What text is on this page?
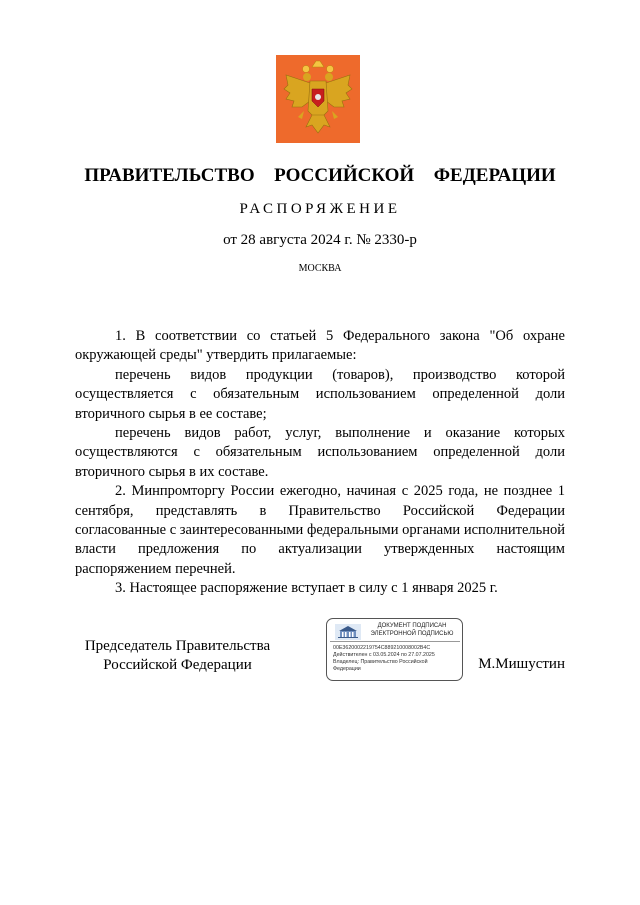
ПРАВИТЕЛЬСТВО  РОССИЙСКОЙ  ФЕДЕРАЦИИ
РАСПОРЯЖЕНИЕ
от 28 августа 2024 г. № 2330-р
МОСКВА

1. В соответствии со статьей 5 Федерального закона "Об охране окружающей среды" утвердить прилагаемые:

перечень видов продукции (товаров), производство которой осуществляется с обязательным использованием определенной доли вторичного сырья в ее составе;

перечень видов работ, услуг, выполнение и оказание которых осуществляются с обязательным использованием определенной доли вторичного сырья в их составе.

2. Минпромторгу России ежегодно, начиная с 2025 года, не позднее 1 сентября, представлять в Правительство Российской Федерации согласованные с заинтересованными федеральными органами исполнительной власти предложения по актуализации утвержденных настоящим распоряжением перечней.

3. Настоящее распоряжение вступает в силу с 1 января 2025 г.

Председатель Правительства
Российской Федерации
ДОКУМЕНТ ПОДПИСАН
ЭЛЕКТРОННОЙ ПОДПИСЬЮ
00E3620002219754C889210008002B4C
Действителен с 03.05.2024 по 27.07.2025
Владелец: Правительство Российской
Федерации	М.Мишустин
